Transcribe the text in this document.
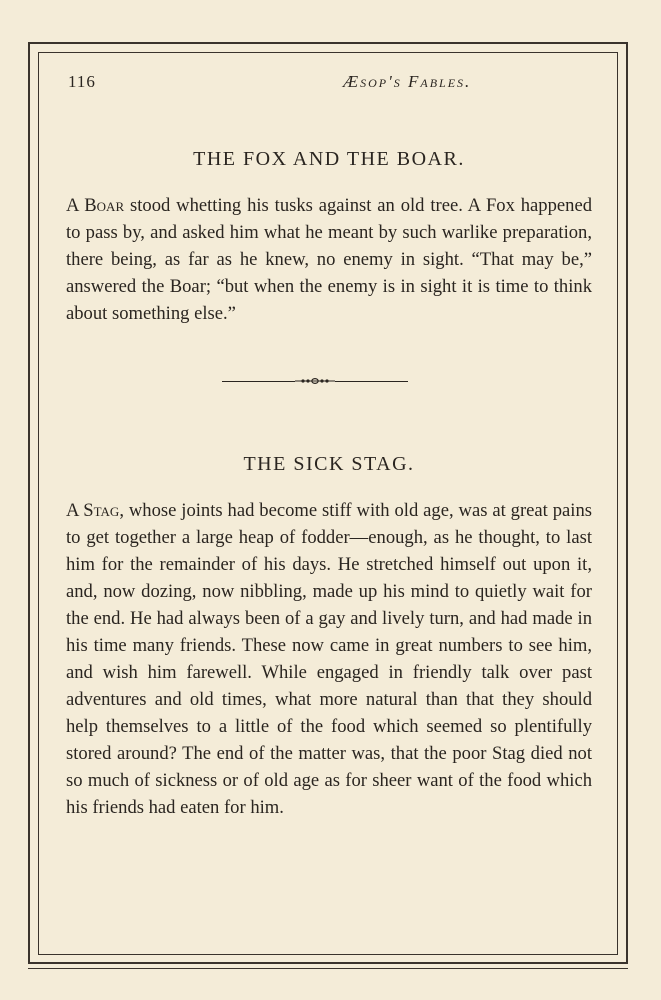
116	Æsop's Fables.
THE FOX AND THE BOAR.

A Boar stood whetting his tusks against an old tree. A Fox happened to pass by, and asked him what he meant by such warlike preparation, there being, as far as he knew, no enemy in sight. “That may be,” answered the Boar; “but when the enemy is in sight it is time to think about something else.”

THE SICK STAG.

A Stag, whose joints had become stiff with old age, was at great pains to get together a large heap of fodder—enough, as he thought, to last him for the remainder of his days. He stretched himself out upon it, and, now dozing, now nibbling, made up his mind to quietly wait for the end. He had always been of a gay and lively turn, and had made in his time many friends. These now came in great numbers to see him, and wish him farewell. While engaged in friendly talk over past adventures and old times, what more natural than that they should help themselves to a little of the food which seemed so plentifully stored around? The end of the matter was, that the poor Stag died not so much of sickness or of old age as for sheer want of the food which his friends had eaten for him.
